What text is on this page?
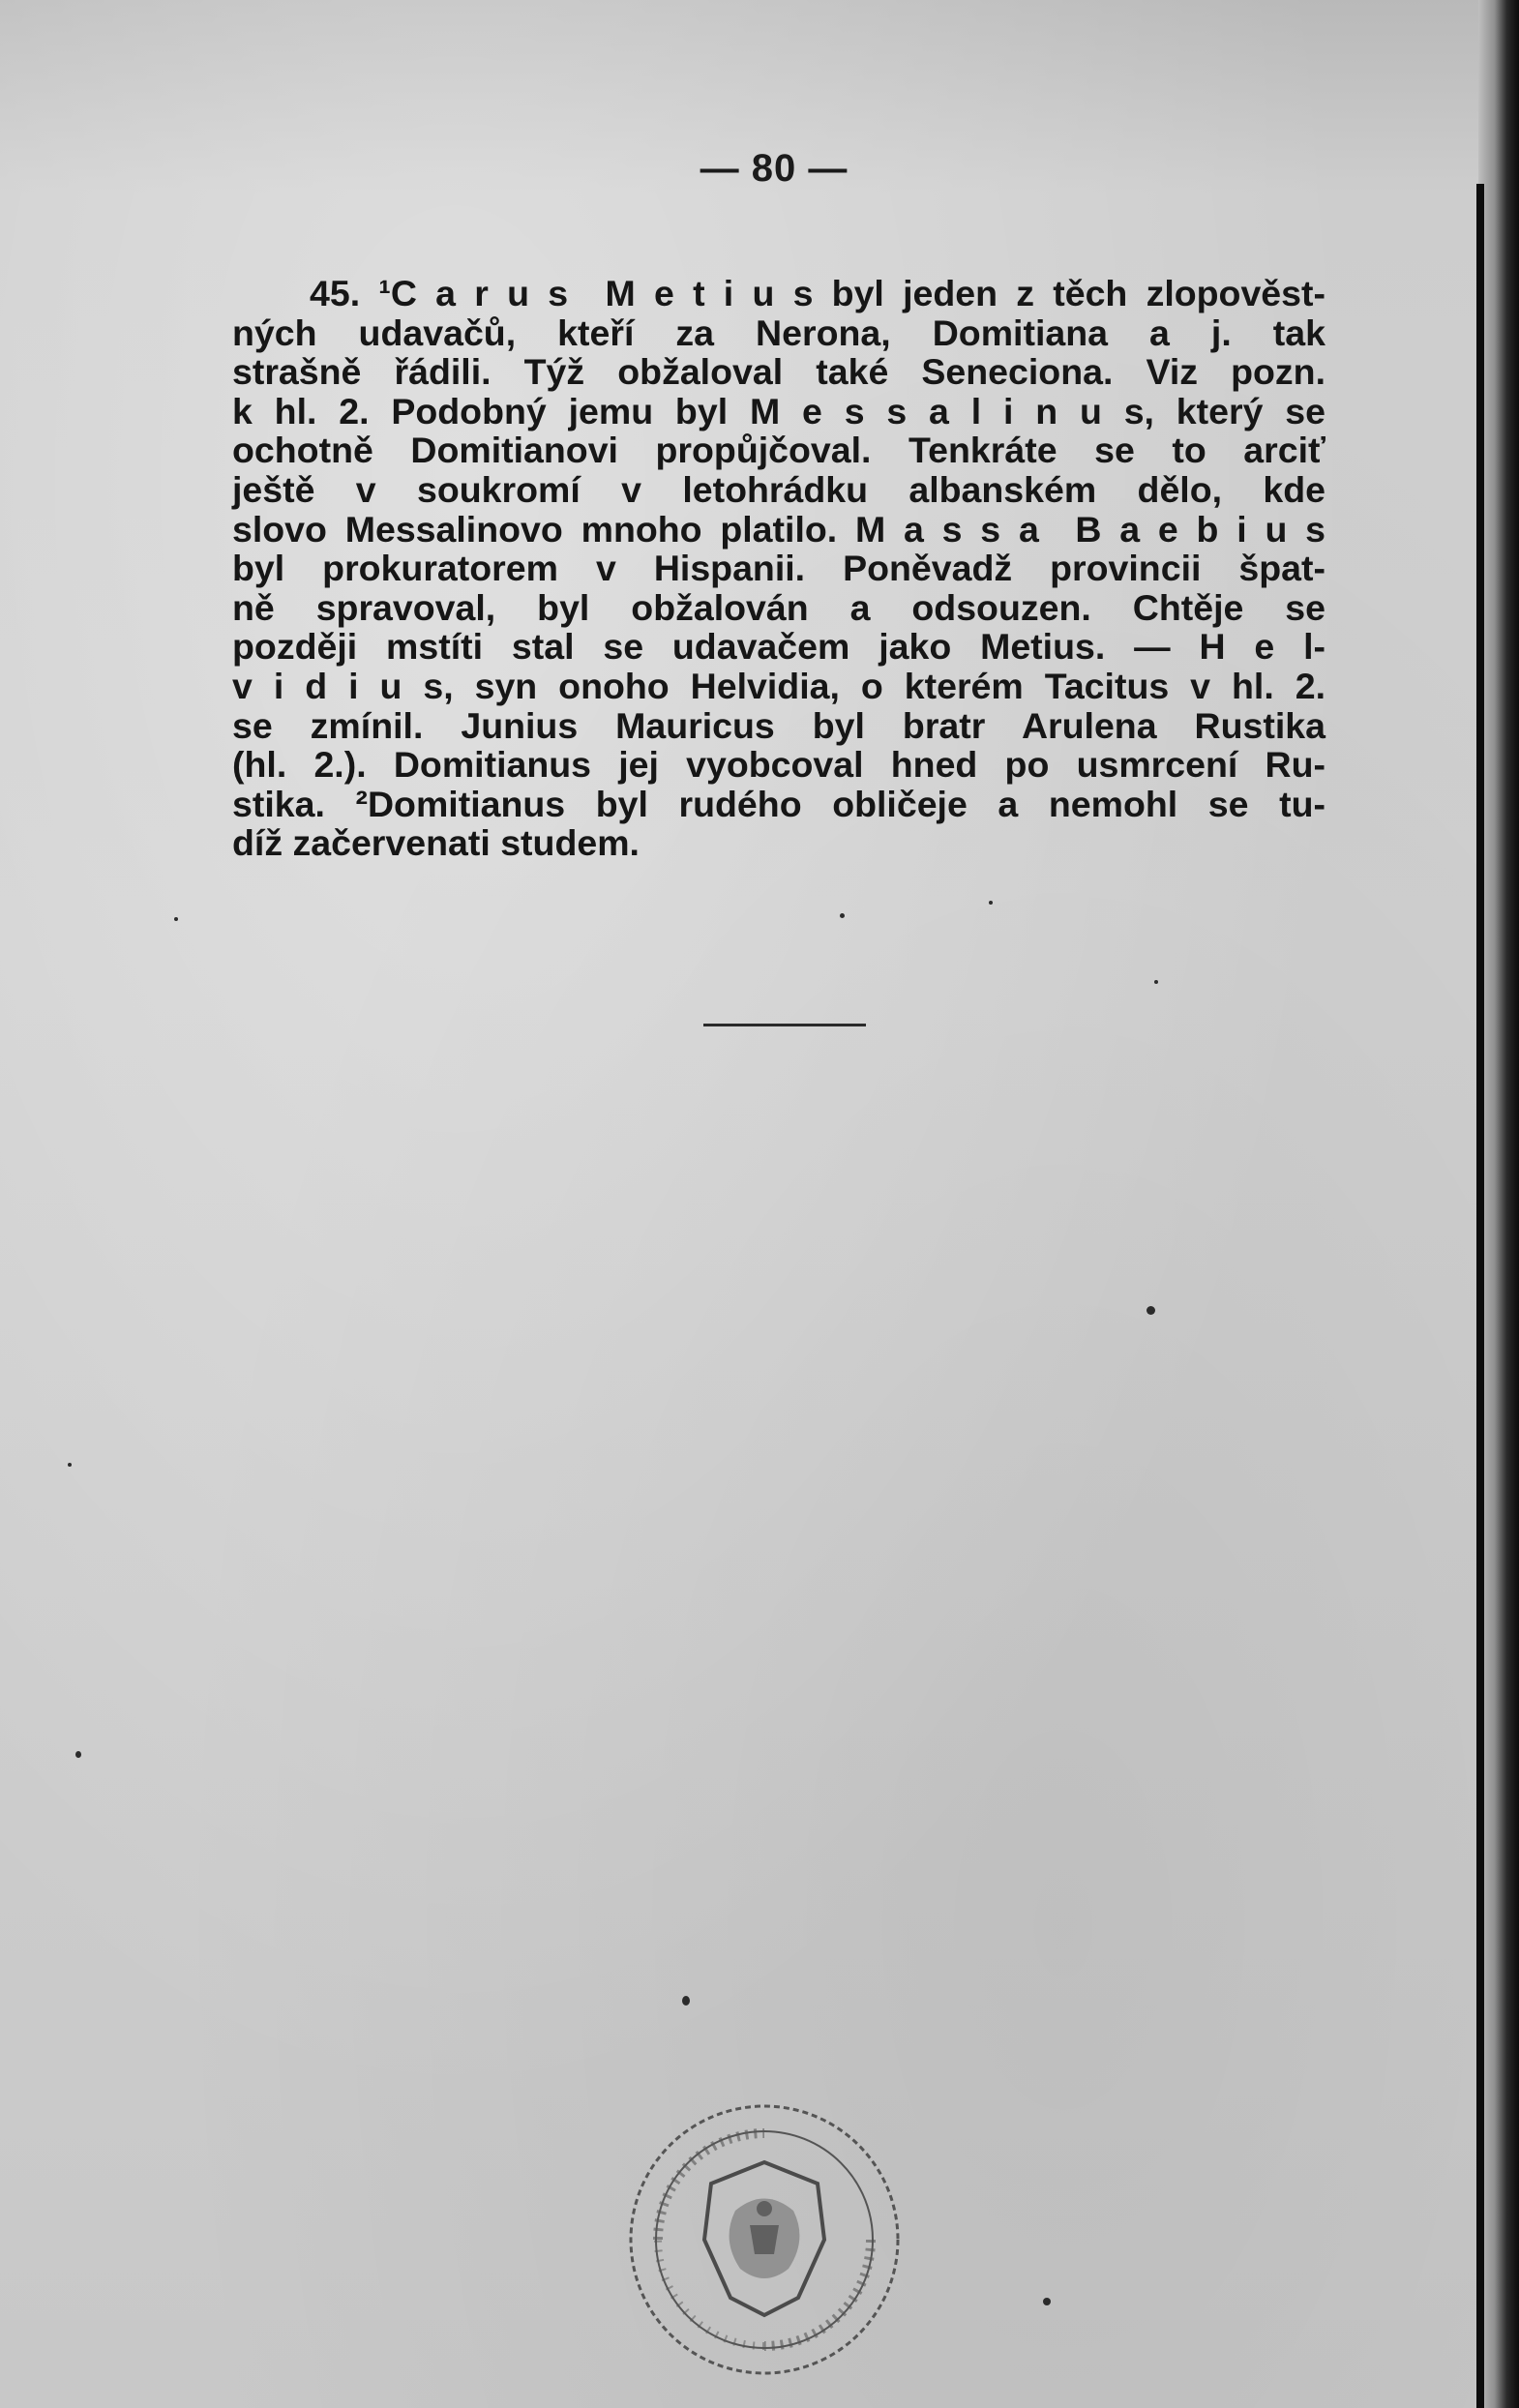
— 80 —
45. ¹C a r u s  M e t i u s byl jeden z těch zlopověst-
ných udavačů, kteří za Nerona, Domitiana a j. tak
strašně řádili. Týž obžaloval také Seneciona. Viz pozn.
k hl. 2. Podobný jemu byl M e s s a l i n u s, který se
ochotně Domitianovi propůjčoval. Tenkráte se to arciť
ještě v soukromí v letohrádku albanském dělo, kde
slovo Messalinovo mnoho platilo. M a s s a  B a e b i u s
byl prokuratorem v Hispanii. Poněvadž provincii špat-
ně spravoval, byl obžalován a odsouzen. Chtěje se
později mstíti stal se udavačem jako Metius. — H e l-
v i d i u s, syn onoho Helvidia, o kterém Tacitus v hl. 2.
se zmínil. Junius Mauricus byl bratr Arulena Rustika
(hl. 2.). Domitianus jej vyobcoval hned po usmrcení Ru-
stika. ²Domitianus byl rudého obličeje a nemohl se tu-
díž začervenati studem.
